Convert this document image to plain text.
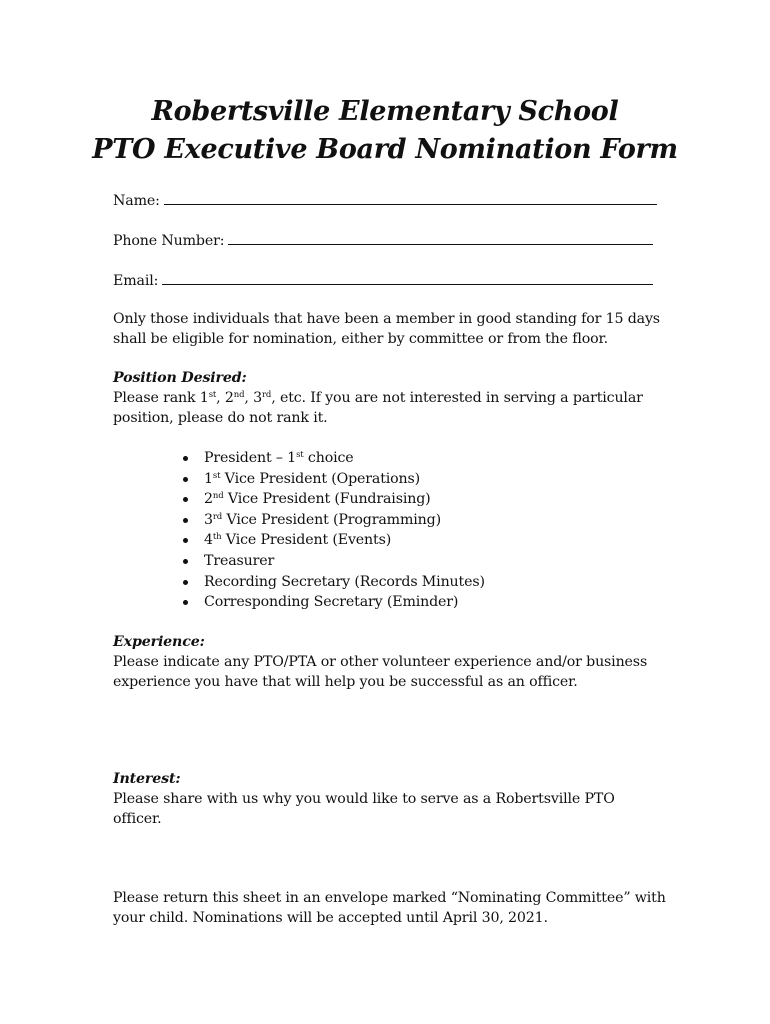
Robertsville Elementary School
PTO Executive Board Nomination Form
Name:
Phone Number:
Email:

Only those individuals that have been a member in good standing for 15 days

shall be eligible for nomination, either by committee or from the floor.

Position Desired:

Please rank 1st, 2nd, 3rd, etc. If you are not interested in serving a particular

position, please do not rank it.

President – 1st choice
1st Vice President (Operations)
2nd Vice President (Fundraising)
3rd Vice President (Programming)
4th Vice President (Events)
Treasurer
Recording Secretary (Records Minutes)
Corresponding Secretary (Eminder)

Experience:

Please indicate any PTO/PTA or other volunteer experience and/or business

experience you have that will help you be successful as an officer.

Interest:

Please share with us why you would like to serve as a Robertsville PTO

officer.

Please return this sheet in an envelope marked “Nominating Committee” with

your child. Nominations will be accepted until April 30, 2021.
